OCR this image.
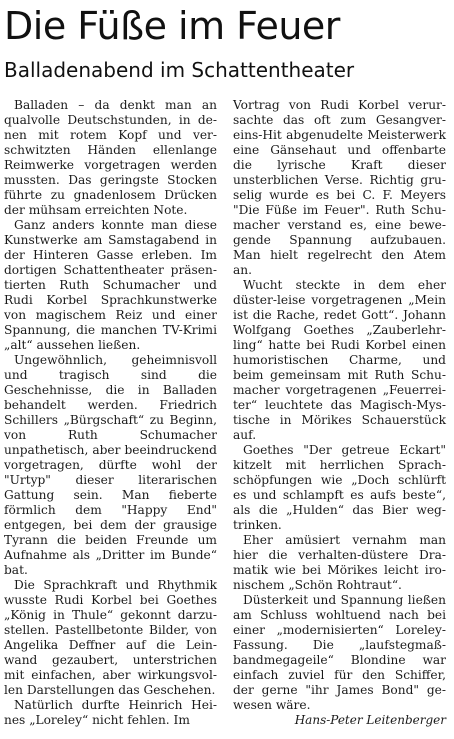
Die Füße im Feuer
Balladenabend im Schattentheater

Balladen – da denkt man an qualvolle Deutschstunden, in denen mit rotem Kopf und verschwitzten Händen ellenlange Reimwerke vorgetragen werden mussten. Das geringste Stocken führte zu gnadenlosem Drücken der mühsam erreichten Note.

Ganz anders konnte man diese Kunstwerke am Samstagabend in der Hinteren Gasse erleben. Im dortigen Schattentheater präsentierten Ruth Schumacher und Rudi Korbel Sprachkunstwerke von magischem Reiz und einer Spannung, die manchen TV-Krimi „alt“ aussehen ließen.

Ungewöhnlich, geheimnisvoll und tragisch sind die Geschehnisse, die in Balladen behandelt werden. Friedrich Schillers „Bürgschaft“ zu Beginn, von Ruth Schumacher unpathetisch, aber beeindruckend vorgetragen, dürfte wohl der "Urtyp" dieser literarischen Gattung sein. Man fieberte förmlich dem "Happy End" entgegen, bei dem der grausige Tyrann die beiden Freunde um Aufnahme als „Dritter im Bunde“ bat.

Die Sprachkraft und Rhythmik wusste Rudi Korbel bei Goethes „König in Thule“ gekonnt darzustellen. Pastellbetonte Bilder, von Angelika Deffner auf die Leinwand gezaubert, unterstrichen mit einfachen, aber wirkungsvollen Darstellungen das Geschehen.

Natürlich durfte Heinrich Heines „Loreley“ nicht fehlen. Im

Vortrag von Rudi Korbel verursachte das oft zum Gesangvereins-Hit abgenudelte Meisterwerk eine Gänsehaut und offenbarte die lyrische Kraft dieser unsterblichen Verse. Richtig gruselig wurde es bei C. F. Meyers "Die Füße im Feuer". Ruth Schumacher verstand es, eine bewegende Spannung aufzubauen. Man hielt regelrecht den Atem an.

Wucht steckte in dem eher düster-leise vorgetragenen „Mein ist die Rache, redet Gott“. Johann Wolfgang Goethes „Zauberlehrling“ hatte bei Rudi Korbel einen humoristischen Charme, und beim gemeinsam mit Ruth Schumacher vorgetragenen „Feuerreiter“ leuchtete das Magisch-Mystische in Mörikes Schauerstück auf.

Goethes "Der getreue Eckart" kitzelt mit herrlichen Sprachschöpfungen wie „Doch schlürft es und schlampft es aufs beste“, als die „Hulden“ das Bier wegtrinken.

Eher amüsiert vernahm man hier die verhalten-düstere Dramatik wie bei Mörikes leicht ironischem „Schön Rohtraut“.

Düsterkeit und Spannung ließen am Schluss wohltuend nach bei einer „modernisierten“ Loreley-Fassung. Die „laufstegmaßbandmegageile“ Blondine war einfach zuviel für den Schiffer, der gerne "ihr James Bond" gewesen wäre.

Hans-Peter Leitenberger
